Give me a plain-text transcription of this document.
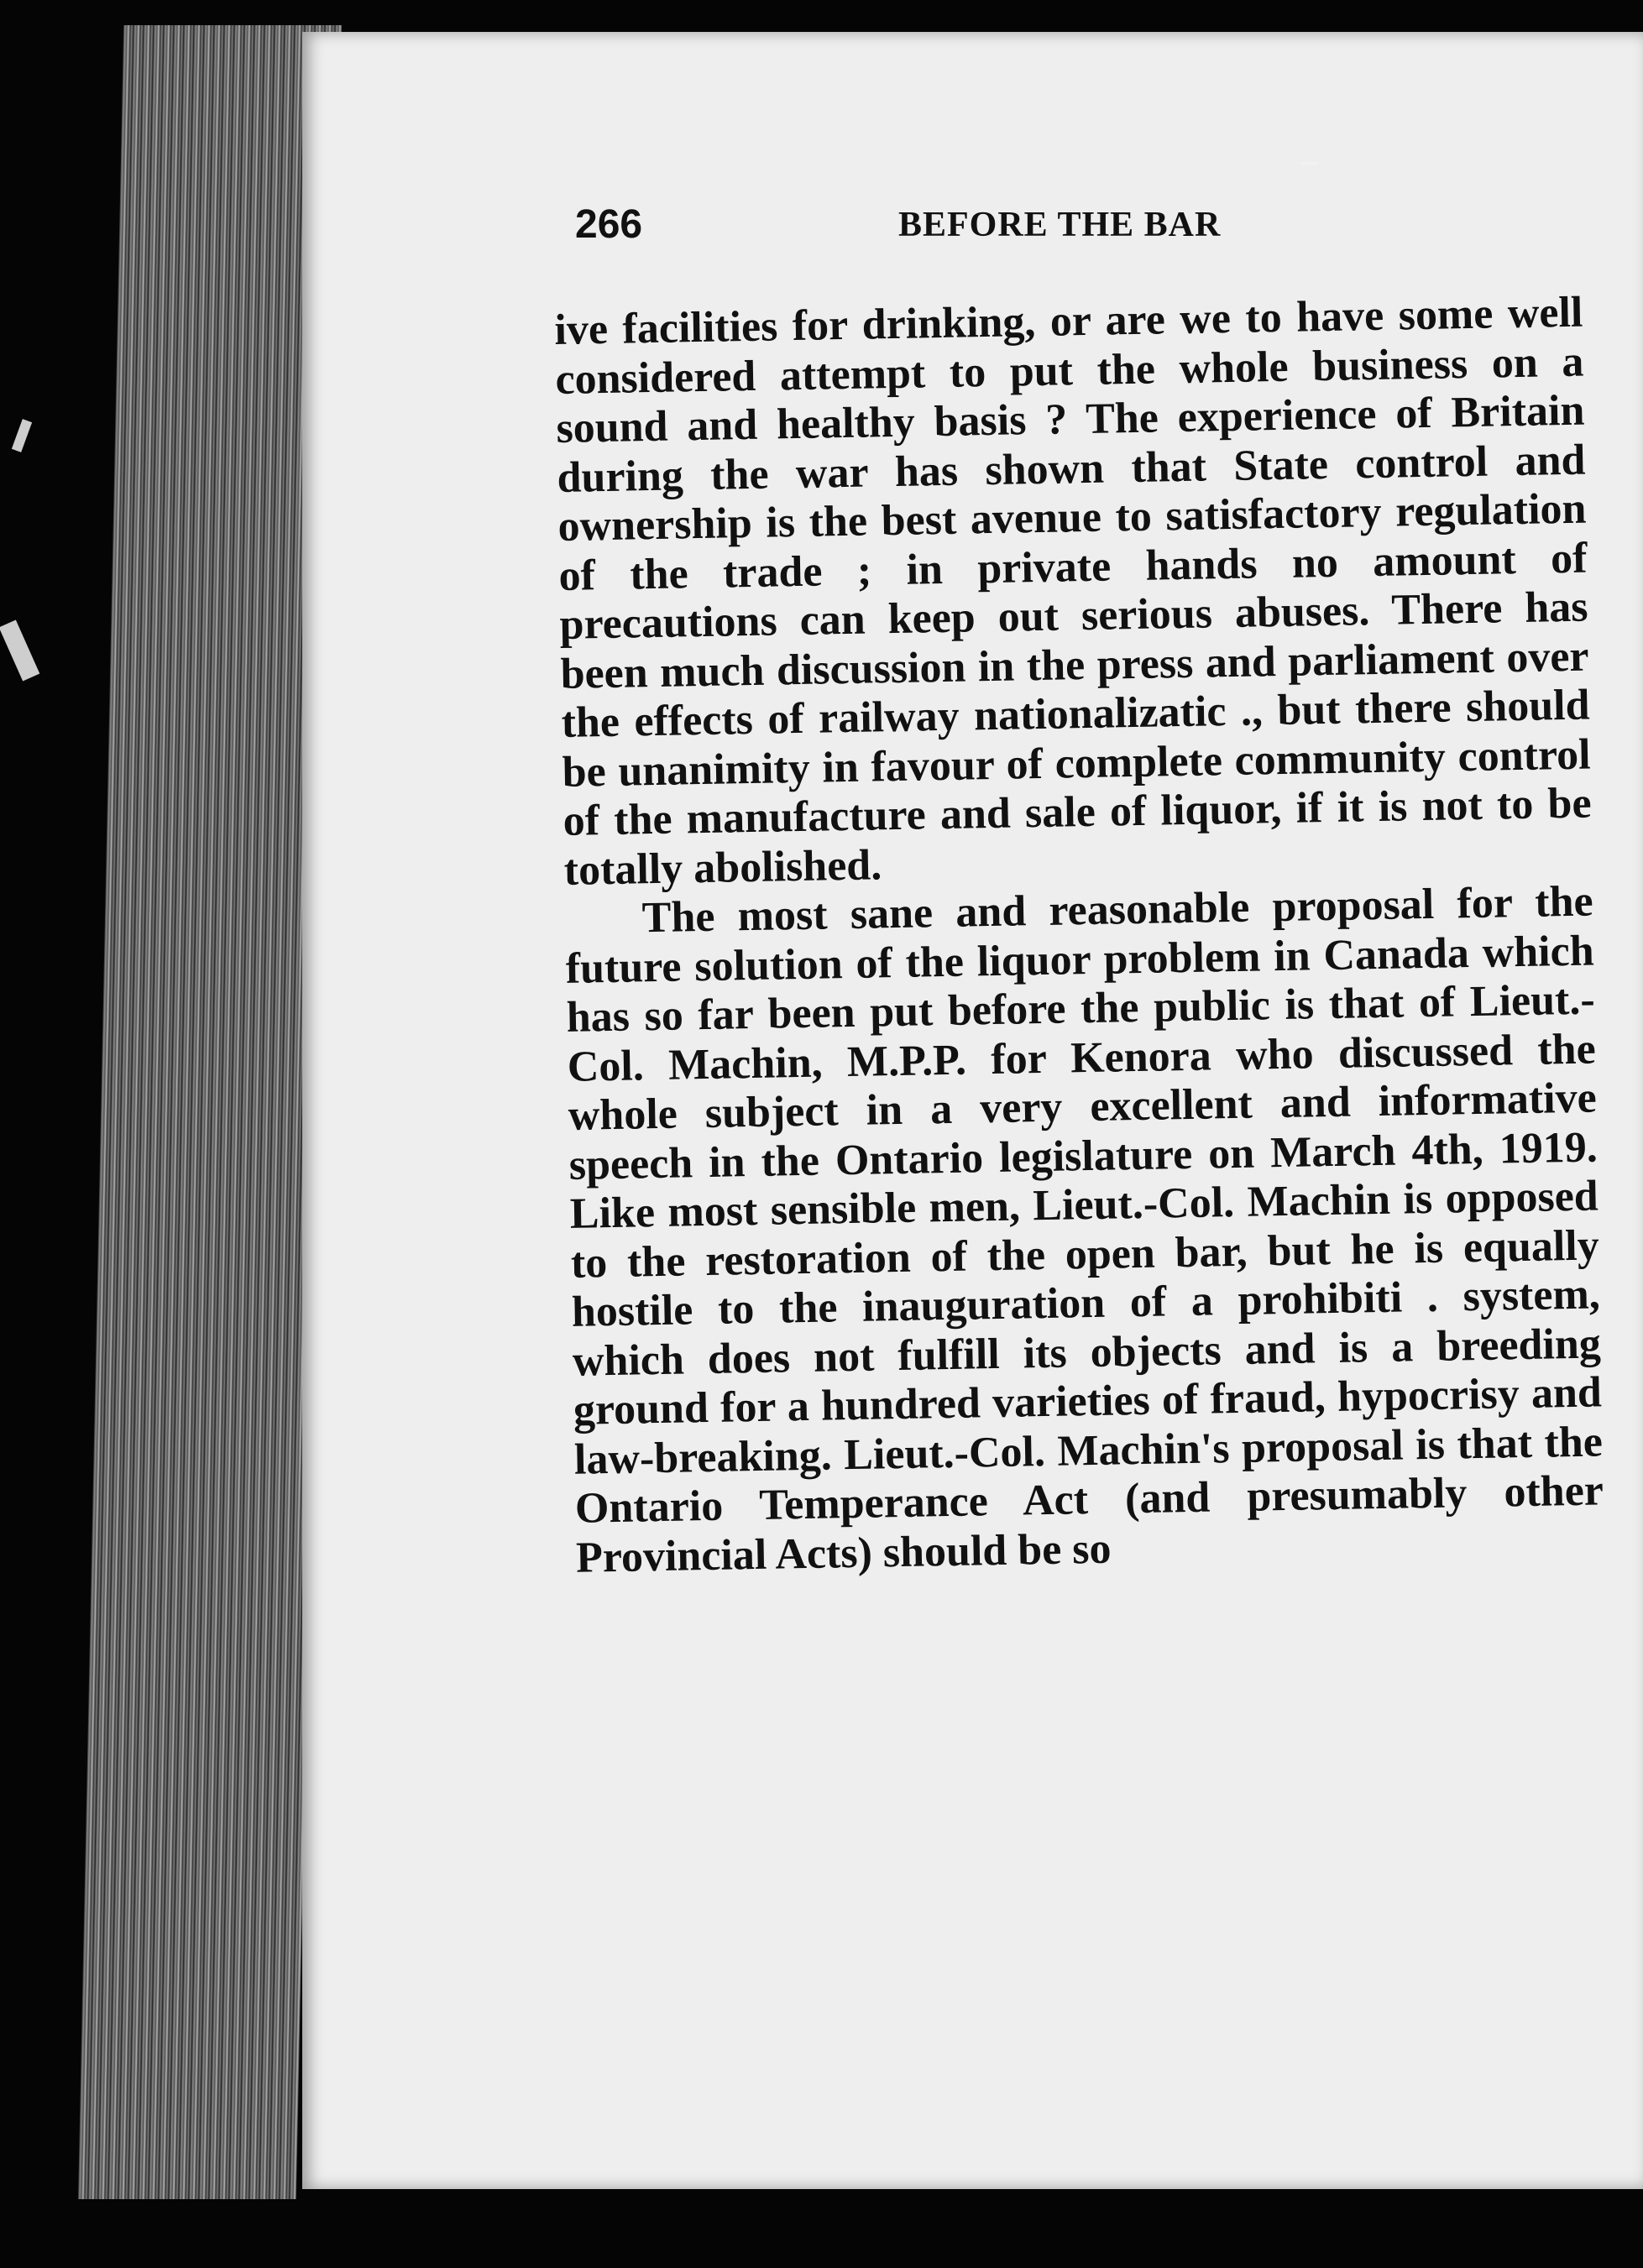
266	BEFORE THE BAR

ive facilities for drinking, or are we to have some well considered attempt to put the whole business on a sound and healthy basis ? The experience of Britain during the war has shown that State control and ownership is the best avenue to satisfactory regulation of the trade ; in private hands no amount of precautions can keep out serious abuses. There has been much discussion in the press and parliament over the effects of railway nationalizatic ., but there should be unanimity in favour of complete community control of the manufacture and sale of liquor, if it is not to be totally abolished.

The most sane and reasonable proposal for the future solution of the liquor problem in Canada which has so far been put before the public is that of Lieut.-Col. Machin, M.P.P. for Kenora who discussed the whole subject in a very excellent and informative speech in the Ontario legislature on March 4th, 1919. Like most sensible men, Lieut.-Col. Machin is opposed to the restoration of the open bar, but he is equally hostile to the inauguration of a prohibiti . system, which does not fulfill its objects and is a breeding ground for a hundred varieties of fraud, hypocrisy and law-breaking. Lieut.-Col. Machin's proposal is that the Ontario Temperance Act (and presumably other Provincial Acts) should be so
